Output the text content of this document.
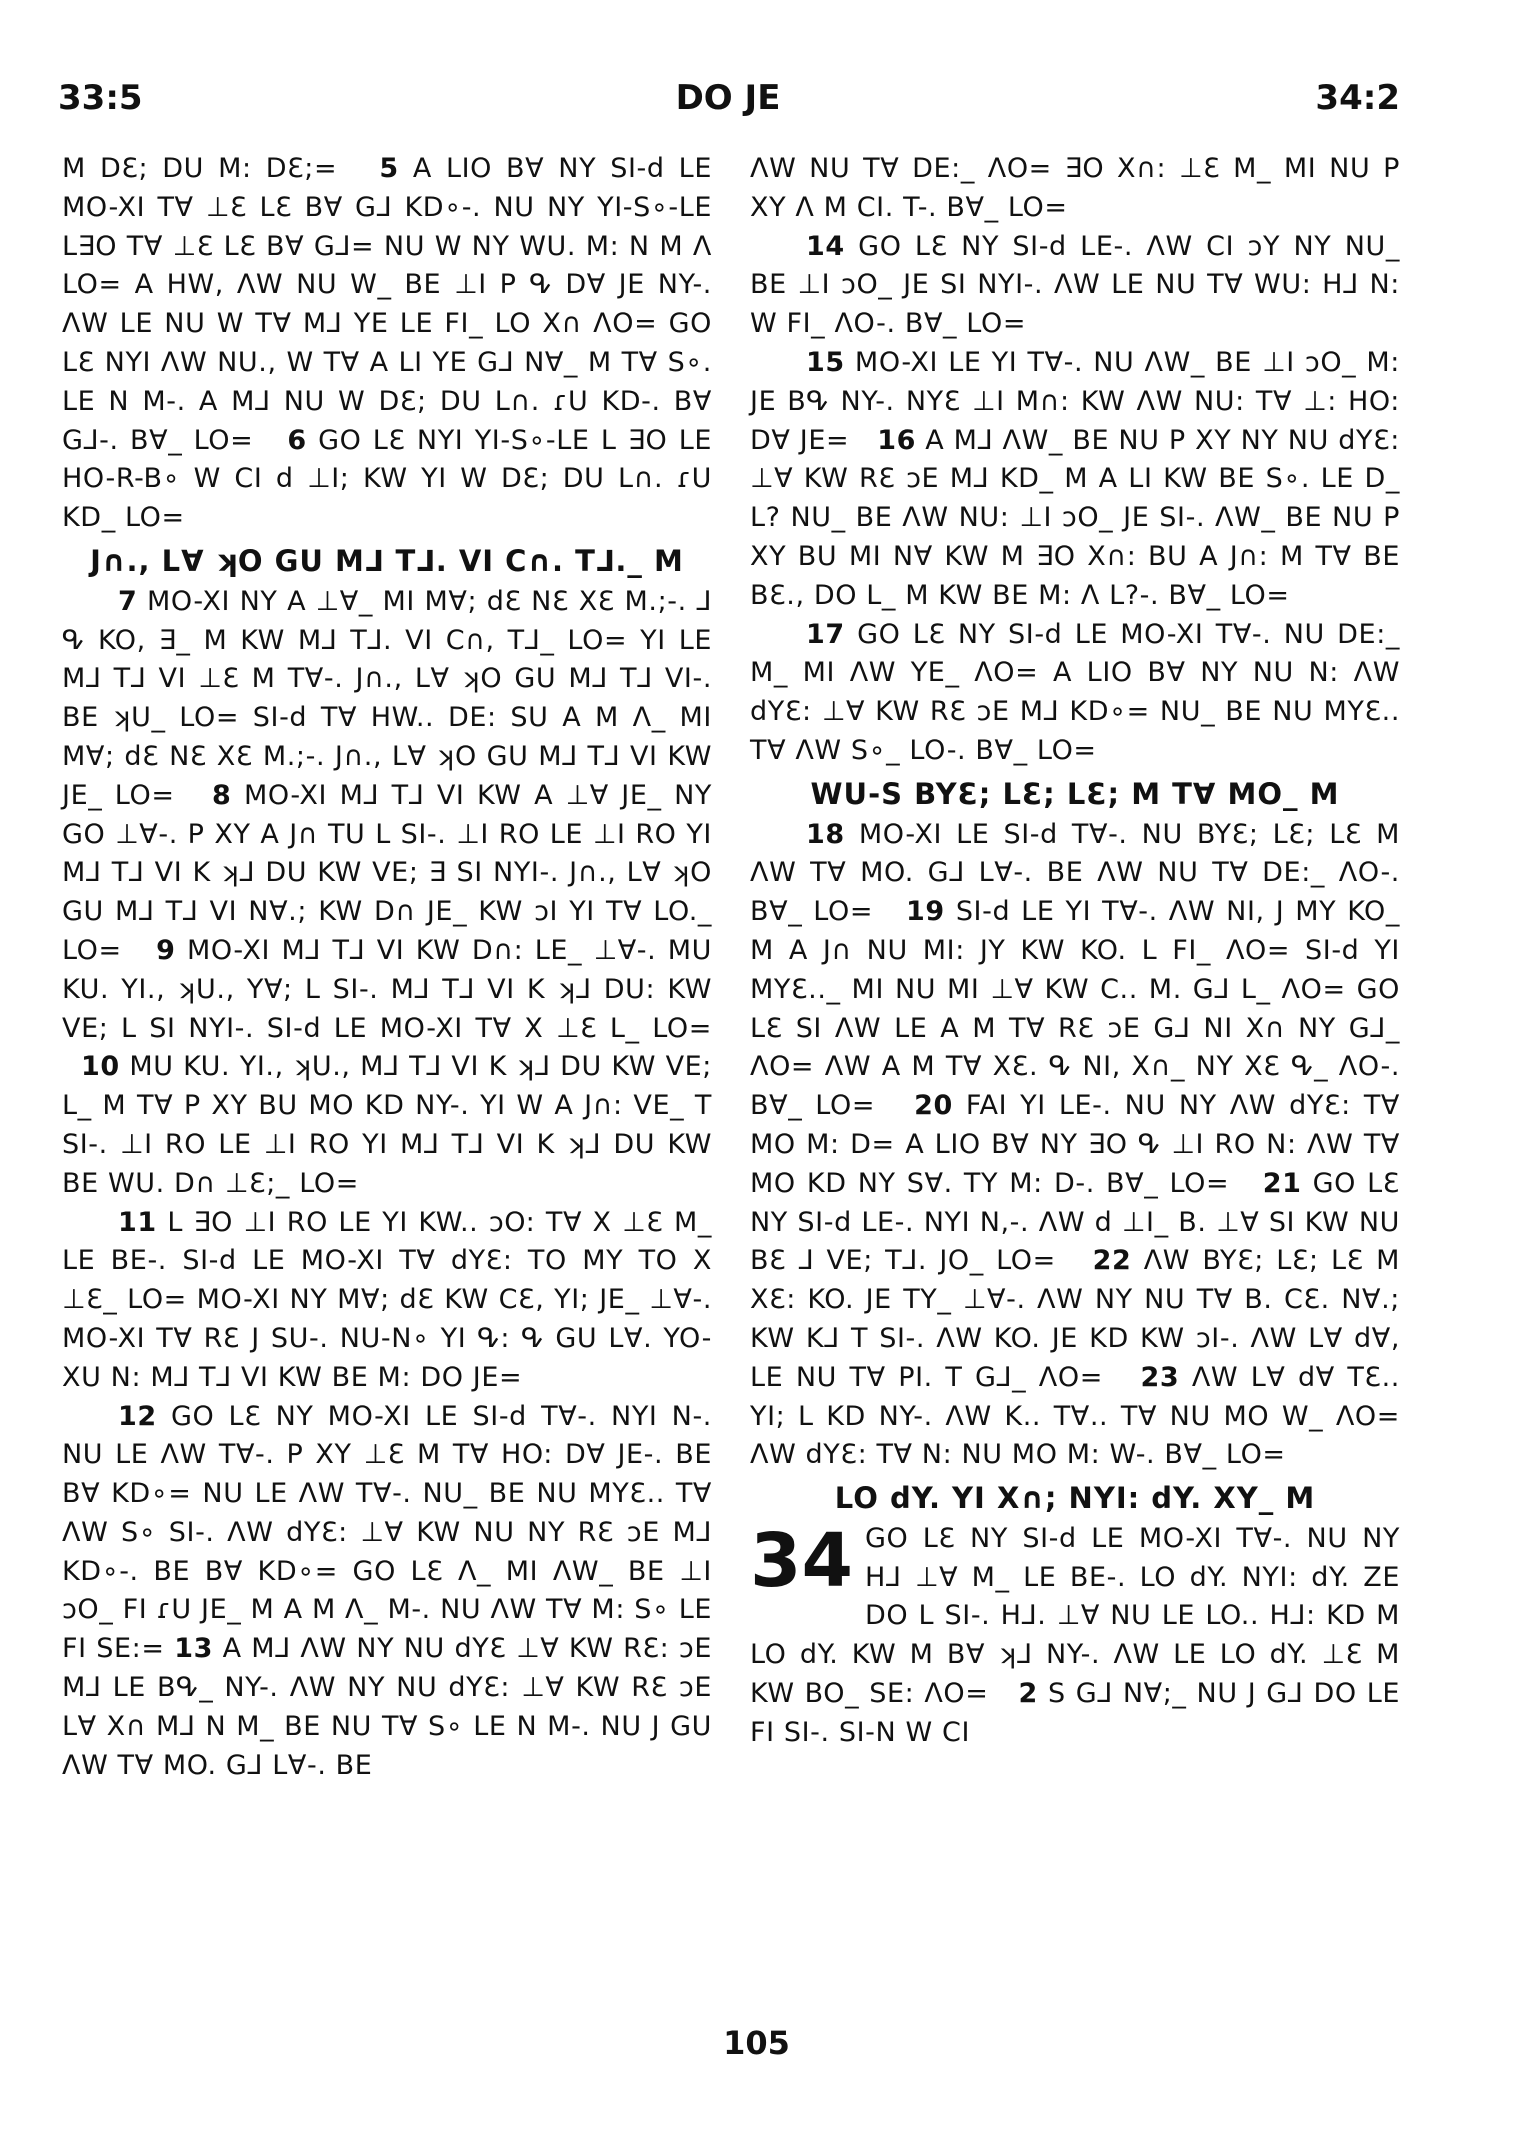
33:5	DO JE	34:2

M DƐ; DU M: DƐ;= 5 A LIO B∀ NY SI-d LE MO-XI T∀ ⊥Ɛ LƐ B∀ G⅃ KD∘-. NU NY YI-S∘-LE L∃O T∀ ⊥Ɛ LƐ B∀ G⅃= NU W NY WU. M: N M Λ LO= A HW, ΛW NU W_ BE ⊥I P ᕴ D∀ JE NY-. ΛW LE NU W T∀ M⅃ YE LE FI_ LO X∩ ΛO= GO LƐ NYI ΛW NU., W T∀ A LI YE G⅃ N∀_ M T∀ S∘. LE N M-. A M⅃ NU W DƐ; DU L∩. ɾU KD-. B∀ G⅃-. B∀_ LO= 6 GO LƐ NYI YI-S∘-LE L ∃O LE HO-R-B∘ W CI d ⊥I; KW YI W DƐ; DU L∩. ɾU KD_ LO=

J∩., L∀ ʞO GU M⅃ T⅃. VI C∩. T⅃._ M

7 MO-XI NY A ⊥∀_ MI M∀; dƐ NƐ XƐ M.;-. ⅃ ᕴ KO, ∃_ M KW M⅃ T⅃. VI C∩, T⅃_ LO= YI LE M⅃ T⅃ VI ⊥Ɛ M T∀-. J∩., L∀ ʞO GU M⅃ T⅃ VI-. BE ʞU_ LO= SI-d T∀ HW.. DE: SU A M Λ_ MI M∀; dƐ NƐ XƐ M.;-. J∩., L∀ ʞO GU M⅃ T⅃ VI KW JE_ LO= 8 MO-XI M⅃ T⅃ VI KW A ⊥∀ JE_ NY GO ⊥∀-. P XY A J∩ TU L SI-. ⊥I RO LE ⊥I RO YI M⅃ T⅃ VI K ʞ⅃ DU KW VE; ∃ SI NYI-. J∩., L∀ ʞO GU M⅃ T⅃ VI N∀.; KW D∩ JE_ KW ↄI YI T∀ LO._ LO= 9 MO-XI M⅃ T⅃ VI KW D∩: LE_ ⊥∀-. MU KU. YI., ʞU., Y∀; L SI-. M⅃ T⅃ VI K ʞ⅃ DU: KW VE; L SI NYI-. SI-d LE MO-XI T∀ X ⊥Ɛ L_ LO=   10 MU KU. YI., ʞU., M⅃ T⅃ VI K ʞ⅃ DU KW VE; L_ M T∀ P XY BU MO KD NY-. YI W A J∩: VE_ T SI-. ⊥I RO LE ⊥I RO YI M⅃ T⅃ VI K ʞ⅃ DU KW BE WU. D∩ ⊥Ɛ;_ LO=

11 L ∃O ⊥I RO LE YI KW.. ↄO: T∀ X ⊥Ɛ M_ LE BE-. SI-d LE MO-XI T∀ dYƐ: TO MY TO X ⊥Ɛ_ LO= MO-XI NY M∀; dƐ KW CƐ, YI; JE_ ⊥∀-. MO-XI T∀ RƐ J SU-. NU-N∘ YI ᕴ: ᕴ GU L∀. YO-XU N: M⅃ T⅃ VI KW BE M: DO JE=

12 GO LƐ NY MO-XI LE SI-d T∀-. NYI N-. NU LE ΛW T∀-. P XY ⊥Ɛ M T∀ HO: D∀ JE-. BE B∀ KD∘= NU LE ΛW T∀-. NU_ BE NU MYƐ.. T∀ ΛW S∘ SI-. ΛW dYƐ: ⊥∀ KW NU NY RƐ ↄE M⅃ KD∘-. BE B∀ KD∘= GO LƐ Λ_ MI ΛW_ BE ⊥I ↄO_ FI ɾU JE_ M A M Λ_ M-. NU ΛW T∀ M: S∘ LE FI SE:= 13 A M⅃ ΛW NY NU dYƐ ⊥∀ KW RƐ: ↄE M⅃ LE Bᕴ_ NY-. ΛW NY NU dYƐ: ⊥∀ KW RƐ ↄE L∀ X∩ M⅃ N M_ BE NU T∀ S∘ LE N M-. NU J GU ΛW T∀ MO. G⅃ L∀-. BE

ΛW NU T∀ DE:_ ΛO= ∃O X∩: ⊥Ɛ M_ MI NU P XY Λ M CI. T-. B∀_ LO=

14 GO LƐ NY SI-d LE-. ΛW CI ↄY NY NU_ BE ⊥I ↄO_ JE SI NYI-. ΛW LE NU T∀ WU: H⅃ N: W FI_ ΛO-. B∀_ LO=

15 MO-XI LE YI T∀-. NU ΛW_ BE ⊥I ↄO_ M: JE Bᕴ NY-. NYƐ ⊥I M∩: KW ΛW NU: T∀ ⊥: HO: D∀ JE= 16 A M⅃ ΛW_ BE NU P XY NY NU dYƐ: ⊥∀ KW RƐ ↄE M⅃ KD_ M A LI KW BE S∘. LE D_ L? NU_ BE ΛW NU: ⊥I ↄO_ JE SI-. ΛW_ BE NU P XY BU MI N∀ KW M ∃O X∩: BU A J∩: M T∀ BE BƐ., DO L_ M KW BE M: Λ L?-. B∀_ LO=

17 GO LƐ NY SI-d LE MO-XI T∀-. NU DE:_ M_ MI ΛW YE_ ΛO= A LIO B∀ NY NU N: ΛW dYƐ: ⊥∀ KW RƐ ↄE M⅃ KD∘= NU_ BE NU MYƐ.. T∀ ΛW S∘_ LO-. B∀_ LO=

WU-S BYƐ; LƐ; LƐ; M T∀ MO_ M

18 MO-XI LE SI-d T∀-. NU BYƐ; LƐ; LƐ M ΛW T∀ MO. G⅃ L∀-. BE ΛW NU T∀ DE:_ ΛO-. B∀_ LO= 19 SI-d LE YI T∀-. ΛW NI, J MY KO_ M A J∩ NU MI: JY KW KO. L FI_ ΛO= SI-d YI MYƐ.._ MI NU MI ⊥∀ KW C.. M. G⅃ L_ ΛO= GO LƐ SI ΛW LE A M T∀ RƐ ↄE G⅃ NI X∩ NY G⅃_ ΛO= ΛW A M T∀ XƐ. ᕴ NI, X∩_ NY XƐ ᕴ_ ΛO-. B∀_ LO= 20 FAI YI LE-. NU NY ΛW dYƐ: T∀ MO M: D= A LIO B∀ NY ∃O ᕴ ⊥I RO N: ΛW T∀ MO KD NY S∀. TY M: D-. B∀_ LO= 21 GO LƐ NY SI-d LE-. NYI N,-. ΛW d ⊥I_ B. ⊥∀ SI KW NU BƐ ⅃ VE; T⅃. JO_ LO= 22 ΛW BYƐ; LƐ; LƐ M XƐ: KO. JE TY_ ⊥∀-. ΛW NY NU T∀ B. CƐ. N∀.; KW K⅃ T SI-. ΛW KO. JE KD KW ↄI-. ΛW L∀ d∀, LE NU T∀ PI. T G⅃_ ΛO= 23 ΛW L∀ d∀ TƐ.. YI; L KD NY-. ΛW K.. T∀.. T∀ NU MO W_ ΛO= ΛW dYƐ: T∀ N: NU MO M: W-. B∀_ LO=

LO dY. YI X∩; NYI: dY. XY_ M

34 GO LƐ NY SI-d LE MO-XI T∀-. NU NY H⅃ ⊥∀ M_ LE BE-. LO dY. NYI: dY. ZE DO L SI-. H⅃. ⊥∀ NU LE LO.. H⅃: KD M LO dY. KW M B∀ ʞ⅃ NY-. ΛW LE LO dY. ⊥Ɛ M KW BO_ SE: ΛO= 2 S G⅃ N∀;_ NU J G⅃ DO LE FI SI-. SI-N W CI

105
